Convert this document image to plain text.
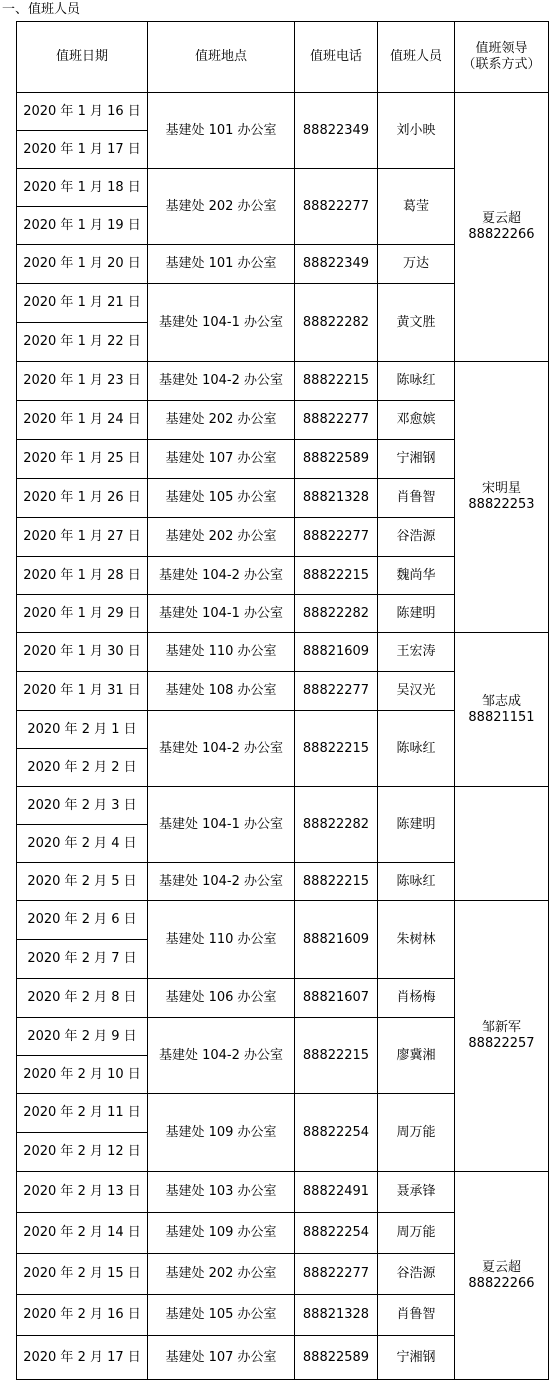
一、值班人员
值班日期	值班地点	值班电话	值班人员	值班领导
（联系方式）

2020 年 1 月 16 日	基建处 101 办公室	88822349	刘小映	夏云超
88822266

2020 年 1 月 17 日				
2020 年 1 月 18 日	基建处 202 办公室	88822277	葛莹	
2020 年 1 月 19 日				
2020 年 1 月 20 日	基建处 101 办公室	88822349	万达	
2020 年 1 月 21 日	基建处 104-1 办公室	88822282	黄文胜	
2020 年 1 月 22 日				
2020 年 1 月 23 日	基建处 104-2 办公室	88822215	陈咏红	宋明星
88822253

2020 年 1 月 24 日	基建处 202 办公室	88822277	邓愈嫔	
2020 年 1 月 25 日	基建处 107 办公室	88822589	宁湘钢	
2020 年 1 月 26 日	基建处 105 办公室	88821328	肖鲁智	
2020 年 1 月 27 日	基建处 202 办公室	88822277	谷浩源	
2020 年 1 月 28 日	基建处 104-2 办公室	88822215	魏尚华	
2020 年 1 月 29 日	基建处 104-1 办公室	88822282	陈建明	
2020 年 1 月 30 日	基建处 110 办公室	88821609	王宏涛	邹志成
88821151

2020 年 1 月 31 日	基建处 108 办公室	88822277	吴汉光	
2020 年 2 月 1 日	基建处 104-2 办公室	88822215	陈咏红	
2020 年 2 月 2 日				
2020 年 2 月 3 日	基建处 104-1 办公室	88822282	陈建明	

2020 年 2 月 4 日				
2020 年 2 月 5 日	基建处 104-2 办公室	88822215	陈咏红	
2020 年 2 月 6 日	基建处 110 办公室	88821609	朱树林	邹新军
88822257

2020 年 2 月 7 日				
2020 年 2 月 8 日	基建处 106 办公室	88821607	肖杨梅	
2020 年 2 月 9 日	基建处 104-2 办公室	88822215	廖冀湘	
2020 年 2 月 10 日				
2020 年 2 月 11 日	基建处 109 办公室	88822254	周万能	
2020 年 2 月 12 日				
2020 年 2 月 13 日	基建处 103 办公室	88822491	聂承锋	夏云超
88822266

2020 年 2 月 14 日	基建处 109 办公室	88822254	周万能	
2020 年 2 月 15 日	基建处 202 办公室	88822277	谷浩源	
2020 年 2 月 16 日	基建处 105 办公室	88821328	肖鲁智	
2020 年 2 月 17 日	基建处 107 办公室	88822589	宁湘钢	
